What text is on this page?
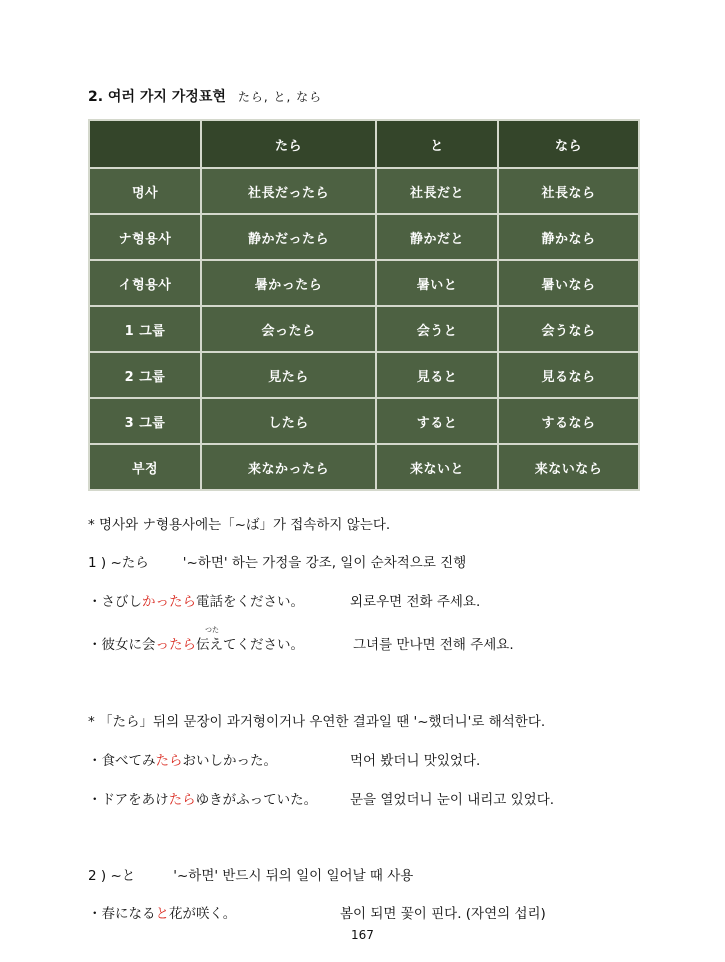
2. 여러 가지 가정표현 たら, と, なら
	たら	と	なら
명사	社長だったら	社長だと	社長なら
ナ형용사	静かだったら	静かだと	静かなら
イ형용사	暑かったら	暑いと	暑いなら
1 그룹	会ったら	会うと	会うなら
2 그룹	見たら	見ると	見るなら
3 그룹	したら	すると	するなら
부정	来なかったら	来ないと	来ないなら
* 명사와 ナ형용사에는「~ば」가 접속하지 않는다.
1 ) ~たら	'~하면' 하는 가정을 강조, 일이 순차적으로 진행
・さびしかったら電話をください。	외로우면 전화 주세요.
つた
・彼女に会ったら伝えてください。	그녀를 만나면 전해 주세요.
* 「たら」뒤의 문장이 과거형이거나 우연한 결과일 땐 '~했더니'로 해석한다.
・食べてみたらおいしかった。	먹어 봤더니 맛있었다.
・ドアをあけたらゆきがふっていた。 문을 열었더니 눈이 내리고 있었다.
2 ) ~と	'~하면' 반드시 뒤의 일이 일어날 때 사용
・春になると花が咲く。	봄이 되면 꽃이 핀다. (자연의 섭리)
167
